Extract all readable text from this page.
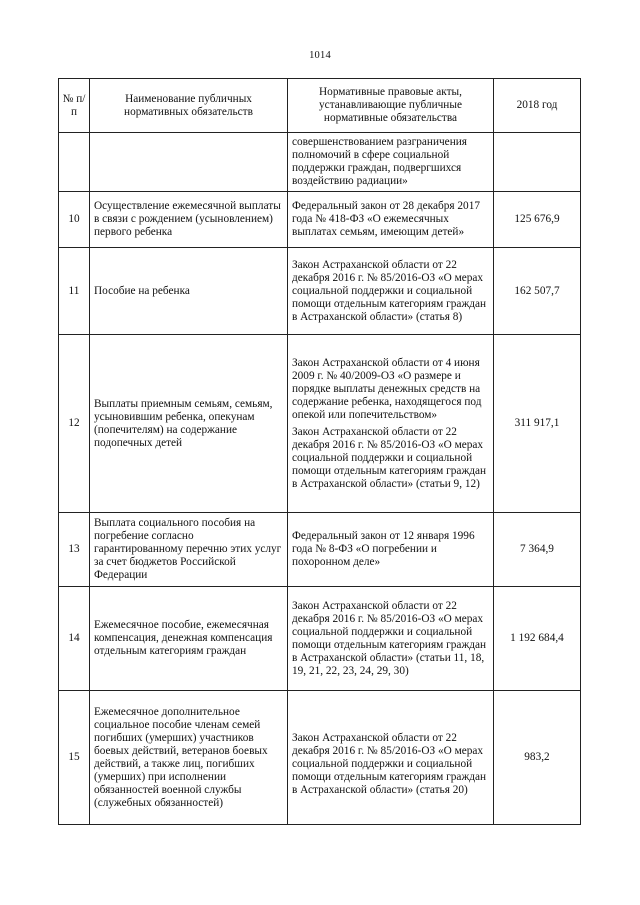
1014
№ п/п	Наименование публичных нормативных обязательств	Нормативные правовые акты, устанавливающие публичные нормативные обязательства	2018 год

		совершенствованием разграничения полномочий в сфере социальной поддержки граждан, подвергшихся воздействию радиации»	

10	Осуществление ежемесячной выплаты в связи с рождением (усыновлением) первого ребенка	Федеральный закон от 28 декабря 2017 года № 418-ФЗ «О ежемесячных выплатах семьям, имеющим детей»	125 676,9
11	Пособие на ребенка	Закон Астраханской области от 22 декабря 2016 г. № 85/2016-ОЗ «О мерах социальной поддержки и социальной помощи отдельным категориям граждан в Астраханской области» (статья 8)	162 507,7
12	Выплаты приемным семьям, семьям, усыновившим ребенка, опекунам (попечителям) на содержание подопечных детей	Закон Астраханской области от 4 июня 2009 г. № 40/2009-ОЗ «О размере и порядке выплаты денежных средств на содержание ребенка, находящегося под опекой или попечительством»
Закон Астраханской области от 22 декабря 2016 г. № 85/2016-ОЗ «О мерах социальной поддержки и социальной помощи отдельным категориям граждан в Астраханской области» (статьи 9, 12)	311 917,1
13	Выплата социального пособия на погребение согласно гарантированному перечню этих услуг за счет бюджетов Российской Федерации	Федеральный закон от 12 января 1996 года № 8-ФЗ «О погребении и похоронном деле»	7 364,9
14	Ежемесячное пособие, ежемесячная компенсация, денежная компенсация отдельным категориям граждан	Закон Астраханской области от 22 декабря 2016 г. № 85/2016-ОЗ «О мерах социальной поддержки и социальной помощи отдельным категориям граждан в Астраханской области» (статьи 11, 18, 19, 21, 22, 23, 24, 29, 30)	1 192 684,4
15	Ежемесячное дополнительное социальное пособие членам семей погибших (умерших) участников боевых действий, ветеранов боевых действий, а также лиц, погибших (умерших) при исполнении обязанностей военной службы (служебных обязанностей)	Закон Астраханской области от 22 декабря 2016 г. № 85/2016-ОЗ «О мерах социальной поддержки и социальной помощи отдельным категориям граждан в Астраханской области» (статья 20)	983,2
